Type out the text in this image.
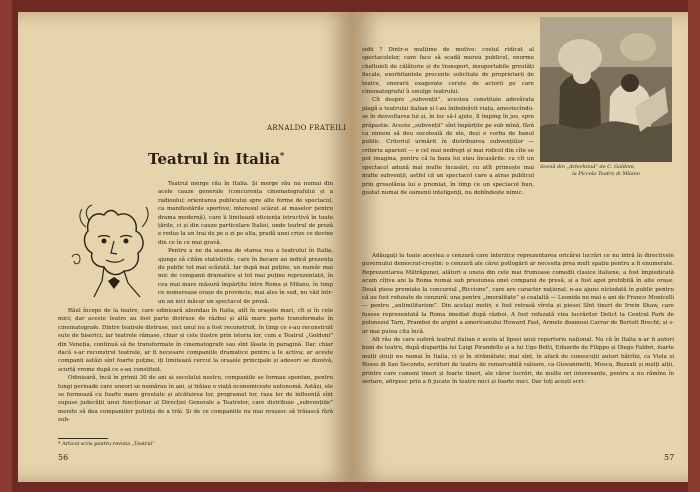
ARNALDO FRATEILI
Teatrul în Italia*

Teatrul merge rău în Italia. Și merge rău nu numai din acele cauze generale (concurența cinematografului și a radioului; orientarea publicului spre alte forme de spectacol, ca manifestările sportive; interesul scăzut al maselor pentru drama modernă), care îi limitează eficiența istructivă în toate țările, ci și din cauze particulare Italiei, unde teatrul de proză e redus la un trai de pe o zi pe alta, pradă unei crize ce devine din ce în ce mai gravă.

Pentru a ne da seama de starea rea a teatrului în Italia, ajunge să cităm statisticile, care în fiecare an indică prezența de public tot mai scăzută. Iar după mai puține, un număr mai mic de companii dramatice și tot mai puține reprezentații, în cea mai mare măsură împărțite între Roma și Milano, în timp ce numeroase orașe de provincie, mai ales în sud, nu văd într-un an nici măcar un spectacol de proză.

Răul începe de la teatre, care odinioară abundau în Italia, atît în orașele mari, cît și în cele mici; dar aceste teatre au fost parte distruse de război și altă mare parte transformate în cinematografe. Dintre teatrele distruse, nici unul nu a fost reconstruit, în timp ce s-au reconstruit sute de biserici; iar teatrele rămase, chiar și cele ilustre prin istoria lor, cum e Teatrul „Goldoni” din Veneția, continuă să fie transformate în cinematografe sau sînt lăsate în paragină. Dar, chiar dacă s-ar reconstrui teatrele, ar fi necesare companiile dramatice pentru a le activa; ar aceste companii astăzi sînt foarte puține, iți limitează cercul la orașele principale și adesori se dizolvă, scurtă vreme după ce s-au constituit.

Odinioară, încă în primii 30 de ani ai secolului nostru, companiile se formau spontan, pentru lungi perioade care uneori se numărau în ani, și trăiau o viață economicește autonomă. Astăzi, ele se formează cu foarte mare greutate și alcătuirea lor, programul lor, raza lor de influență sînt supuse judecății unui funcționar al Direcției Generale a Teatrelor, care distribuie „subvențiile” menite să dea companiilor putința de a trăi. Și de ce companiile nu mai reușesc să trăiască fără sub-

* Articol scris pentru revista „Teatrul”
56
Scenă din „Arlechinul” de C. Goldoni,
la Piccolo Teatro di Milano

sidii ? Dintr-o mulțime de motive: costul ridicat al spectacolelor, care face să scadă mereu publicul, enorme cheltuieli de călătorie și de transport, insuportabile greutăți fiscale, exorbitantele procente solicitate de proprietarii de teatre, onorarii exagerate cerute de actorii pe care cinematograful îi smulge teatrului.

Cît despre „subvenții”, acestea constituie adevărata plagă a teatrului italian și l-au îmbolnăvit viața, amestecîndu-se în dezvoltarea lui și, în loc să-l ajute, îl împing în jos, spre prăpastie. Aceste „subvenții” sînt împărțite pe sub mînă, fără ca nimeni să deu socoteală de ele, deși e vorba de banul public. Criteriul urmărit în distribuirea subvențiilor — criteriu aparent — e cel mai nedrept și mai ridicol din cîte se pot imagina, pentru că la baza lui stau încasările: cu cît un spectacol adună mai multe încasări, cu atît primește mai multe subvenții, astfel că un spectacol care a atras publicul prin grosolănia lui e premiat, în timp ce un spectacol bun, gustat numai de oamenii inteligenți, nu dobîndește nimic.

Adăugați la toate acestea o cenzură care interzice reprezentarea oricărei lucrări ce nu intră în directivele guvernului democrat-creștin: o cenzură ale cărei potlogării ar necesita prea mult spațiu pentru a fi enumerate. Reprezentarea Mătrăgunei, alături a uneia din cele mai frumoase comedii clasice italiene, a fost împiedicată acum cîțiva ani la Roma numai sub presiunea unei companii de presă, și a fost apoi prohibită în alte orașe. Două piese premiate la concursul „Riccione”, care are caracter național, n-au ajuns niciodată în public pentru că au fost refuzate de cenzură: una pentru „imoralitate” și cealaltă — Leonida nu mai e ani de Franco Monicelli — pentru „antimilitarism”. Din același motiv, e fost retrasă vîrsta și piesei Sînt tineri de Irwin Shaw, care fusese reprezentată la Roma imediat după război. A fost refuzată viza lucrărilor Delict la Central Park de polonezul Tarn, Pramboi de argint a americanului Howard Fast, Armele doamnei Carrar de Bertolt Brecht; și s-ar mai putea cita încă.

Alt rău de care suferă teatrul italian e acela al lipsei unui repertoriu național. Nu că în Italia n-ar fi autori buni de teatru, după dispariția lui Luigi Pirandello și a lui Ugo Betti, Eduardo de Filippo și Diego Fabbri, foarte mulți știuți nu numai în Italia, ci și în străinătate; mai sînt, în afară de cunoscuții autori bătrîni, ca Viola și Rosso di San Secondo, scriitori de teatru de remarcabilă valoare, ca Giovaninetti, Mosca, Buzzati și mulți alții, printre care cameni tineri și foarte tineri, ale căror lucrări, de multe ori interesante, pentru a nu rămîne în sertare, afirpesc prin a fi jucate în teatre mici și foarte mici. Dar toți acești scri-

57
